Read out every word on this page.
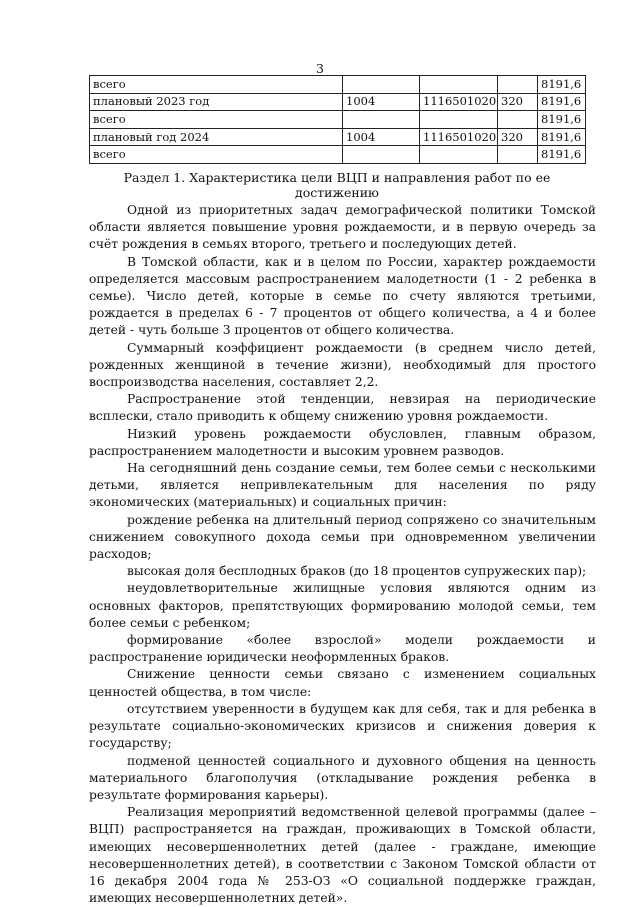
3
всего				8191,6
плановый 2023 год	1004	1116501020	320	8191,6
всего				8191,6
плановый год 2024	1004	1116501020	320	8191,6
всего				8191,6
Раздел 1. Характеристика цели ВЦП и направления работ по ее достижению

Одной из приоритетных задач демографической политики Томской области является повышение уровня рождаемости, и в первую очередь за счёт рождения в семьях второго, третьего и последующих детей.

В Томской области, как и в целом по России, характер рождаемости определяется массовым распространением малодетности (1 - 2 ребенка в семье). Число детей, которые в семье по счету являются третьими, рождается в пределах 6 - 7 процентов от общего количества, а 4 и более детей - чуть больше 3 процентов от общего количества.

Суммарный коэффициент рождаемости (в среднем число детей, рожденных женщиной в течение жизни), необходимый для простого воспроизводства населения, составляет 2,2.

Распространение этой тенденции, невзирая на периодические всплески, стало приводить к общему снижению уровня рождаемости.

Низкий уровень рождаемости обусловлен, главным образом, распространением малодетности и высоким уровнем разводов.

На сегодняшний день создание семьи, тем более семьи с несколькими детьми, является непривлекательным для населения по ряду экономических (материальных) и социальных причин:

рождение ребенка на длительный период сопряжено со значительным снижением совокупного дохода семьи при одновременном увеличении расходов;

высокая доля бесплодных браков (до 18 процентов супружеских пар);

неудовлетворительные жилищные условия являются одним из основных факторов, препятствующих формированию молодой семьи, тем более семьи с ребенком;

формирование «более взрослой» модели рождаемости и распространение юридически неоформленных браков.

Снижение ценности семьи связано с изменением социальных ценностей общества, в том числе:

отсутствием уверенности в будущем как для себя, так и для ребенка в результате социально-экономических кризисов и снижения доверия к государству;

подменой ценностей социального и духовного общения на ценность материального благополучия (откладывание рождения ребенка в результате формирования карьеры).

Реализация мероприятий ведомственной целевой программы (далее – ВЦП) распространяется на граждан, проживающих в Томской области, имеющих несовершеннолетних детей (далее - граждане, имеющие несовершеннолетних детей), в соответствии с Законом Томской области от 16 декабря 2004 года № 253-ОЗ «О социальной поддержке граждан, имеющих несовершеннолетних детей».
